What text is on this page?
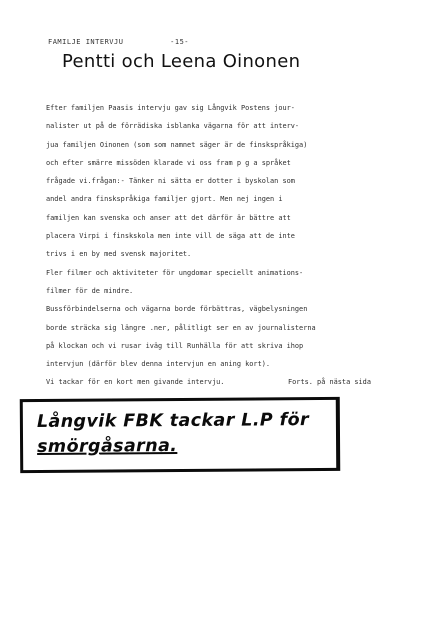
FAMILJE INTERVJU	-15-
Pentti och Leena Oinonen
Efter familjen Paasis intervju gav sig Långvik Postens jour-
nalister ut på de förrädiska isblanka vägarna för att interv-
jua familjen Oinonen (som som namnet säger är de finskspråkiga)
och efter smärre missöden klarade vi oss fram p g a språket
frågade vi.frågan:- Tänker ni sätta er dotter i byskolan som
andel andra finskspråkiga familjer gjort. Men nej ingen i
familjen kan svenska och anser att det därför är bättre att
placera Virpi i finskskola men inte vill de säga att de inte
trivs i en by med svensk majoritet.
Fler filmer och aktiviteter för ungdomar speciellt animations-
filmer för de mindre.
Bussförbindelserna och vägarna borde förbättras, vägbelysningen
borde sträcka sig längre .ner, pålitligt ser en av journalisterna
på klockan och vi rusar iväg till Runhälla för att skriva ihop
intervjun (därför blev denna intervjun en aning kort).
Vi tackar för en kort men givande intervju.	Forts. på nästa sida
Långvik FBK tackar L.P för
smörgåsarna.
